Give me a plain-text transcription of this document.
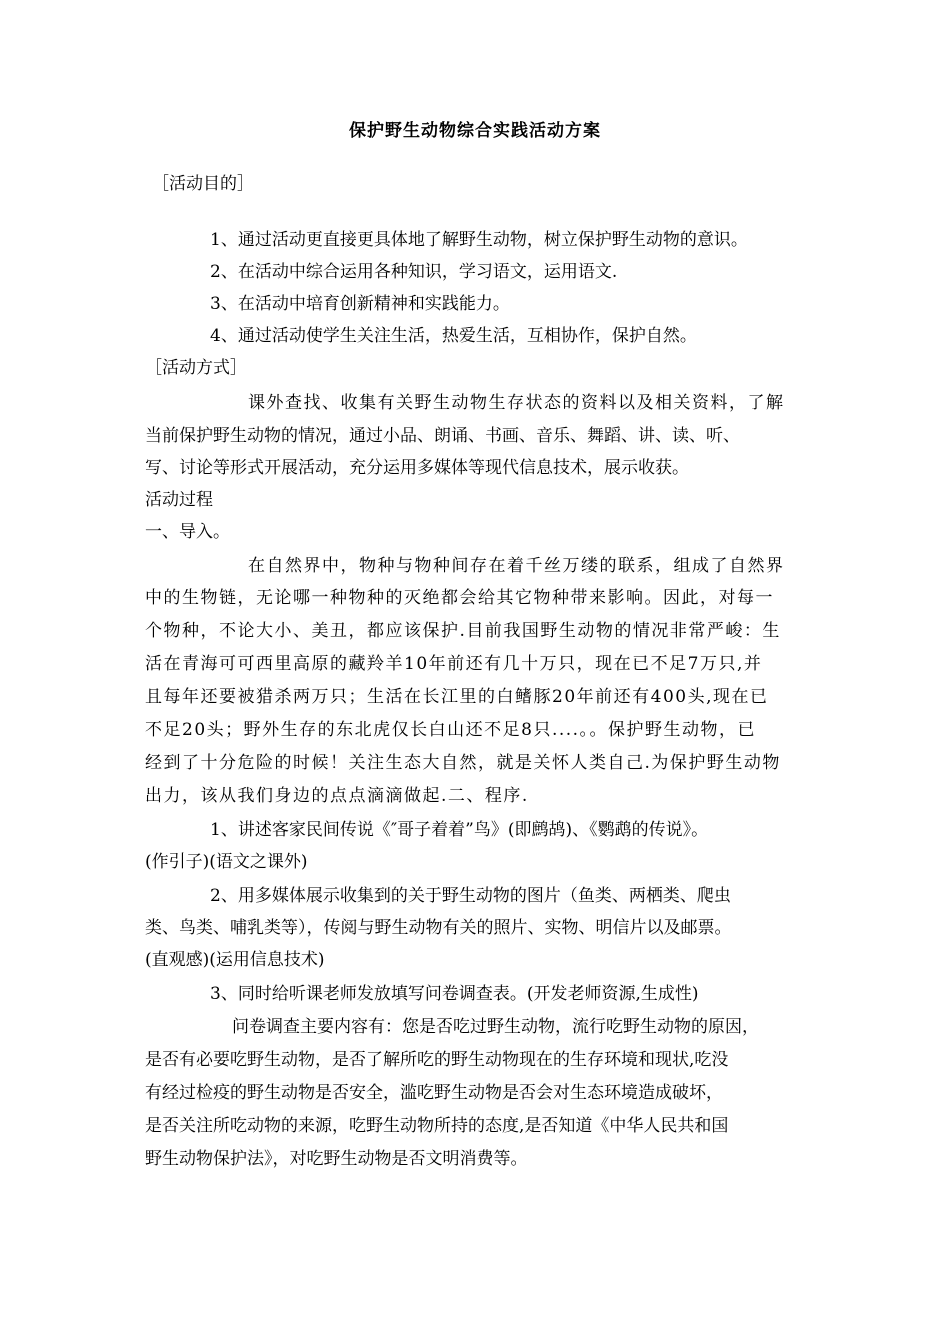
保护野生动物综合实践活动方案
［活动目的］
1、通过活动更直接更具体地了解野生动物，树立保护野生动物的意识。
2、在活动中综合运用各种知识，学习语文，运用语文.
3、在活动中培育创新精神和实践能力。
4、通过活动使学生关注生活，热爱生活，互相协作，保护自然。
［活动方式］
课外查找、收集有关野生动物生存状态的资料以及相关资料，了解
当前保护野生动物的情况，通过小品、朗诵、书画、音乐、舞蹈、讲、读、听、
写、讨论等形式开展活动，充分运用多媒体等现代信息技术，展示收获。
活动过程
一、导入。
在自然界中，物种与物种间存在着千丝万缕的联系，组成了自然界
中的生物链，无论哪一种物种的灭绝都会给其它物种带来影响。因此，对每一
个物种，不论大小、美丑，都应该保护.目前我国野生动物的情况非常严峻：生
活在青海可可西里高原的藏羚羊10年前还有几十万只，现在已不足7万只,并
且每年还要被猎杀两万只；生活在长江里的白鳍豚20年前还有400头,现在已
不足20头；野外生存的东北虎仅长白山还不足8只....。。保护野生动物，已
经到了十分危险的时候！关注生态大自然，就是关怀人类自己.为保护野生动物
出力，该从我们身边的点点滴滴做起.二、程序.
1、讲述客家民间传说《″哥子着着”鸟》(即鹧鸪)、《鹦鹉的传说》。
(作引子)(语文之课外)
2、用多媒体展示收集到的关于野生动物的图片（鱼类、两栖类、爬虫
类、鸟类、哺乳类等），传阅与野生动物有关的照片、实物、明信片以及邮票。
(直观感)(运用信息技术)
3、同时给听课老师发放填写问卷调查表。(开发老师资源,生成性)
问卷调查主要内容有：您是否吃过野生动物，流行吃野生动物的原因，
是否有必要吃野生动物，是否了解所吃的野生动物现在的生存环境和现状,吃没
有经过检疫的野生动物是否安全，滥吃野生动物是否会对生态环境造成破坏，
是否关注所吃动物的来源，吃野生动物所持的态度,是否知道《中华人民共和国
野生动物保护法》，对吃野生动物是否文明消费等。
